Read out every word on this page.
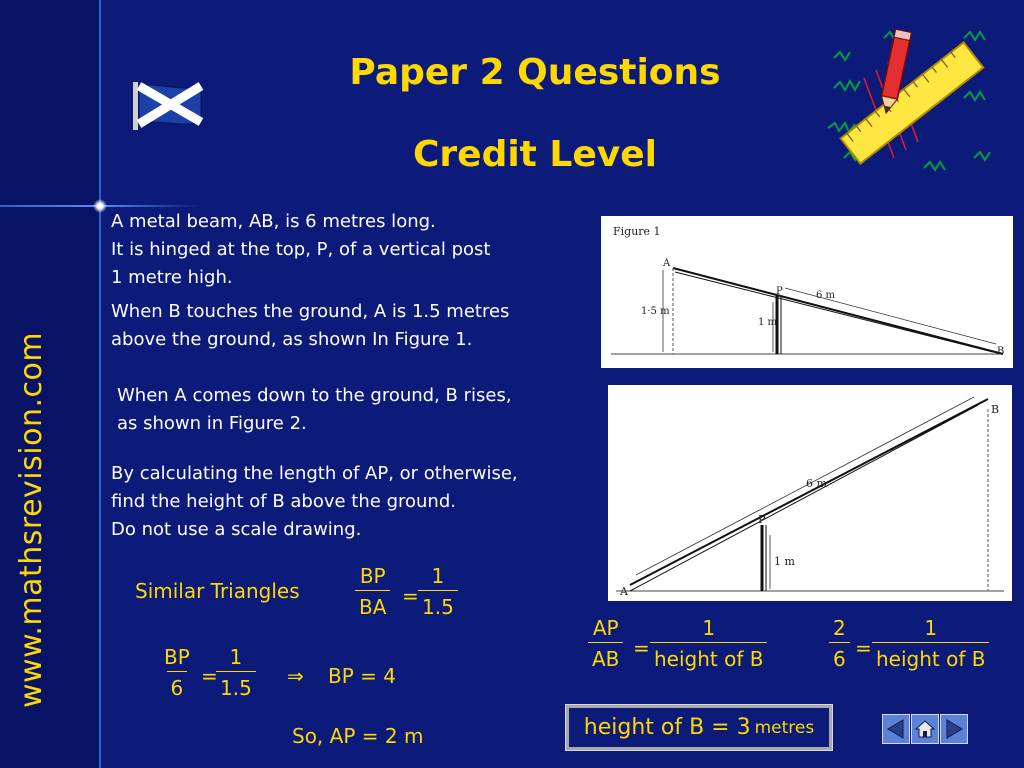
www.mathsrevision.com
Paper 2 Questions
Credit Level
A metal beam, AB, is 6 metres long.
It is hinged at the top, P, of a vertical post
1 metre high.
When B touches the ground, A is 1.5 metres
above the ground, as shown In Figure 1.
When A comes down to the ground, B rises,
as shown in Figure 2.
By calculating the length of AP, or otherwise,
find the height of B above the ground.
Do not use a scale drawing.
Figure 1
A
B
P	6 m
1 m
1·5 m
A
B
P
6 m
1 m
Similar Triangles	$\frac{BP}{BA} = \frac{1}{1.5}$
$\frac{BP}{6}$ =
$\frac{1}{1.5}$ ⇒ BP = 4
So, AP = 2 m
$\frac{AP}{AB}$ =
1
height of B	$\frac{2}{6}$ =
1
height of B
height of B = 3 metres
